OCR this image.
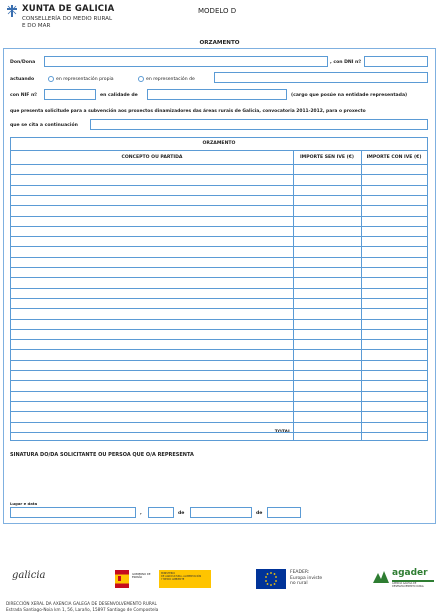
XUNTA DE GALICIA
CONSELLERÍA DO MEDIO RURAL
E DO MAR
MODELO D
ORZAMENTO
Don/Dona	, con DNI nº
actuando	en representación propia	en representación de
con NIF nº	en calidade de	(cargo que posúe na entidade representada)
que presenta solicitude para a subvención aos proxectos dinamizadores das áreas rurais de Galicia, convocatoria 2011-2012, para o proxecto
que se cita a continuación
SINATURA DO/DA SOLICITANTE OU PERSOA QUE O/A REPRESENTA
Lugar e data
,	de	de
ORZAMENTO
CONCEPTO OU PARTIDA	IMPORTE SEN IVE (€)	IMPORTE CON IVE (€)
TOTAL
galicia	GOBIERNO DE ESPAÑA
MINISTERIO
DE AGRICULTURA, ALIMENTACIÓN
Y MEDIO AMBIENTE
FEADER:
Europa inviste
no rural
agader
AXENCIA GALEGA DE
DESENVOLVEMENTO RURAL
DIRECCIÓN XERAL DA AXENCIA GALEGA DE DESENVOLVEMENTO RURAL
Estrada Santiago-Noia km 1, 56, Laraño, 15897 Santiago de Compostela
